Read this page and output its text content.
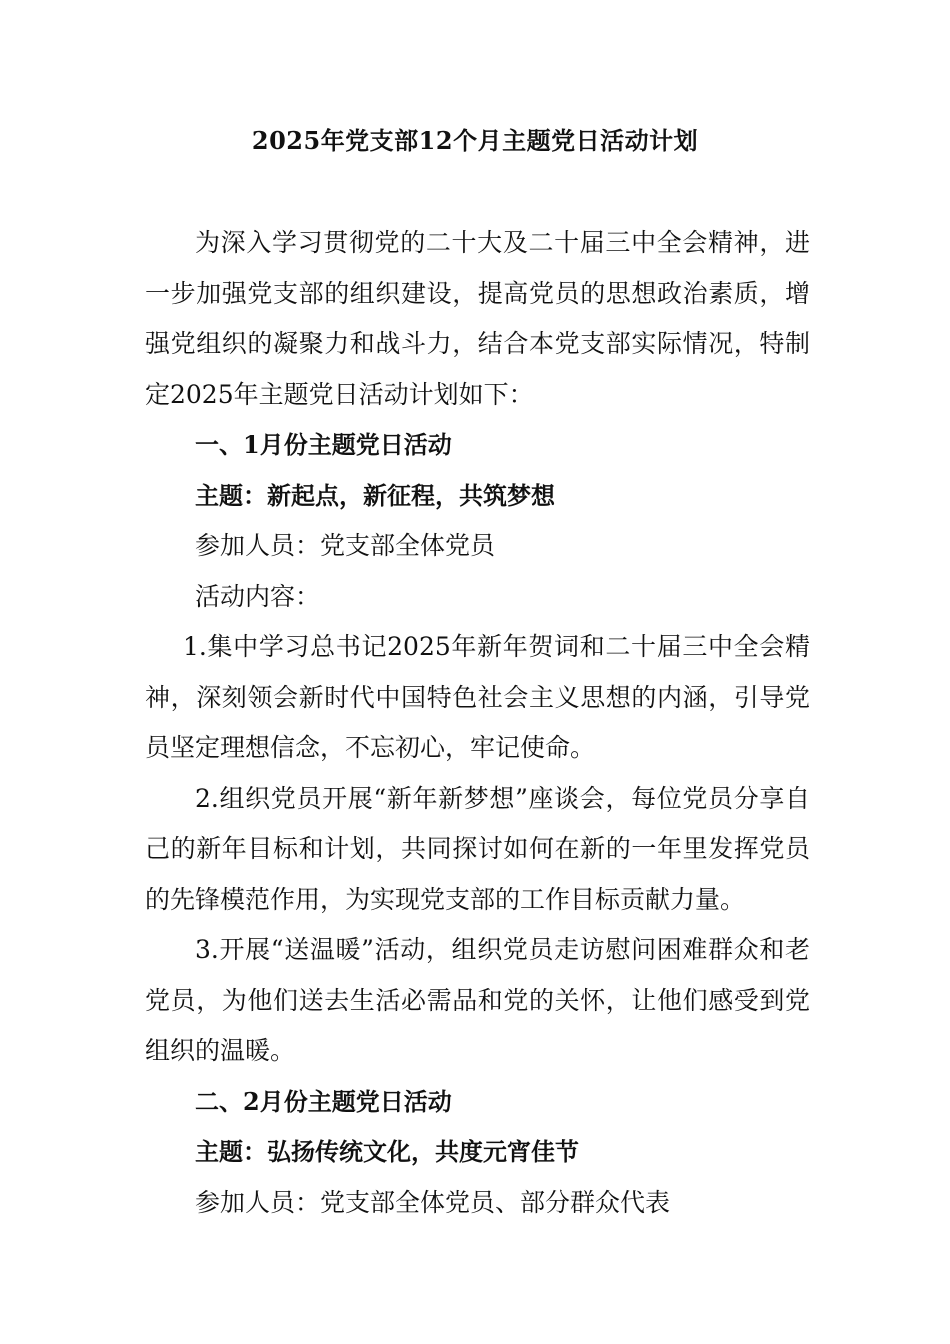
2025年党支部12个月主题党日活动计划

为深入学习贯彻党的二十大及二十届三中全会精神，进一步加强党支部的组织建设，提高党员的思想政治素质，增强党组织的凝聚力和战斗力，结合本党支部实际情况，特制定2025年主题党日活动计划如下：

一、1月份主题党日活动

主题：新起点，新征程，共筑梦想

参加人员：党支部全体党员

活动内容：

1.集中学习总书记2025年新年贺词和二十届三中全会精神，深刻领会新时代中国特色社会主义思想的内涵，引导党员坚定理想信念，不忘初心，牢记使命。

2.组织党员开展“新年新梦想”座谈会，每位党员分享自己的新年目标和计划，共同探讨如何在新的一年里发挥党员的先锋模范作用，为实现党支部的工作目标贡献力量。

3.开展“送温暖”活动，组织党员走访慰问困难群众和老党员，为他们送去生活必需品和党的关怀，让他们感受到党组织的温暖。

二、2月份主题党日活动

主题：弘扬传统文化，共度元宵佳节

参加人员：党支部全体党员、部分群众代表
